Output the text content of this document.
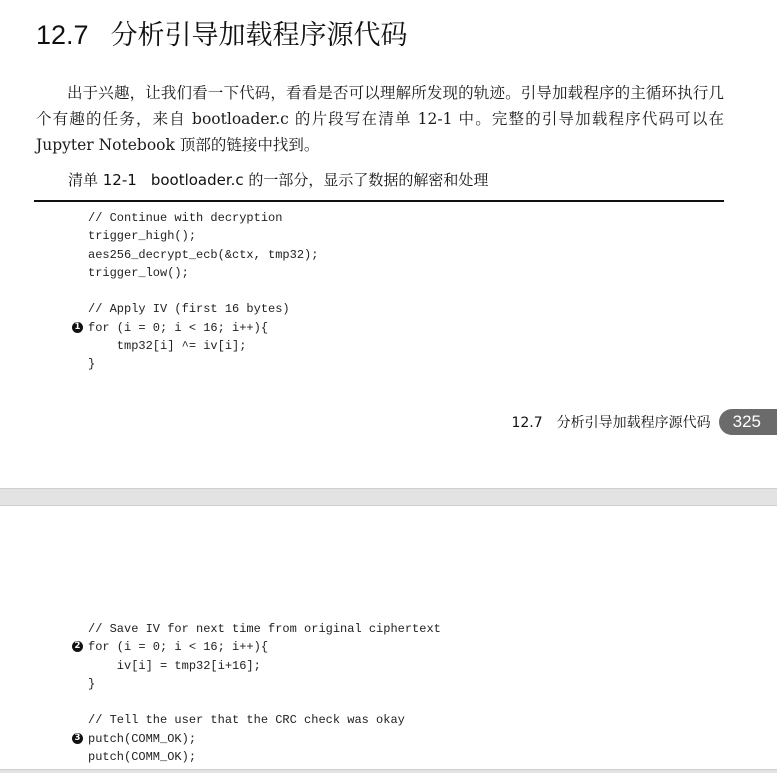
12.7 分析引导加载程序源代码

出于兴趣，让我们看一下代码，看看是否可以理解所发现的轨迹。引导加载程序的主循环执行几个有趣的任务，来自 bootloader.c 的片段写在清单 12-1 中。完整的引导加载程序代码可以在 Jupyter Notebook 顶部的链接中找到。

清单 12-1 bootloader.c 的一部分，显示了数据的解密和处理
// Continue with decryption
trigger_high();
aes256_decrypt_ecb(&ctx, tmp32);
trigger_low();
// Apply IV (first 16 bytes)
1 for (i = 0; i < 16; i++){
tmp32[i] ^= iv[i];
}
12.7　分析引导加载程序源代码	325
// Save IV for next time from original ciphertext
2 for (i = 0; i < 16; i++){
iv[i] = tmp32[i+16];
}
// Tell the user that the CRC check was okay
3 putch(COMM_OK);
putch(COMM_OK);
